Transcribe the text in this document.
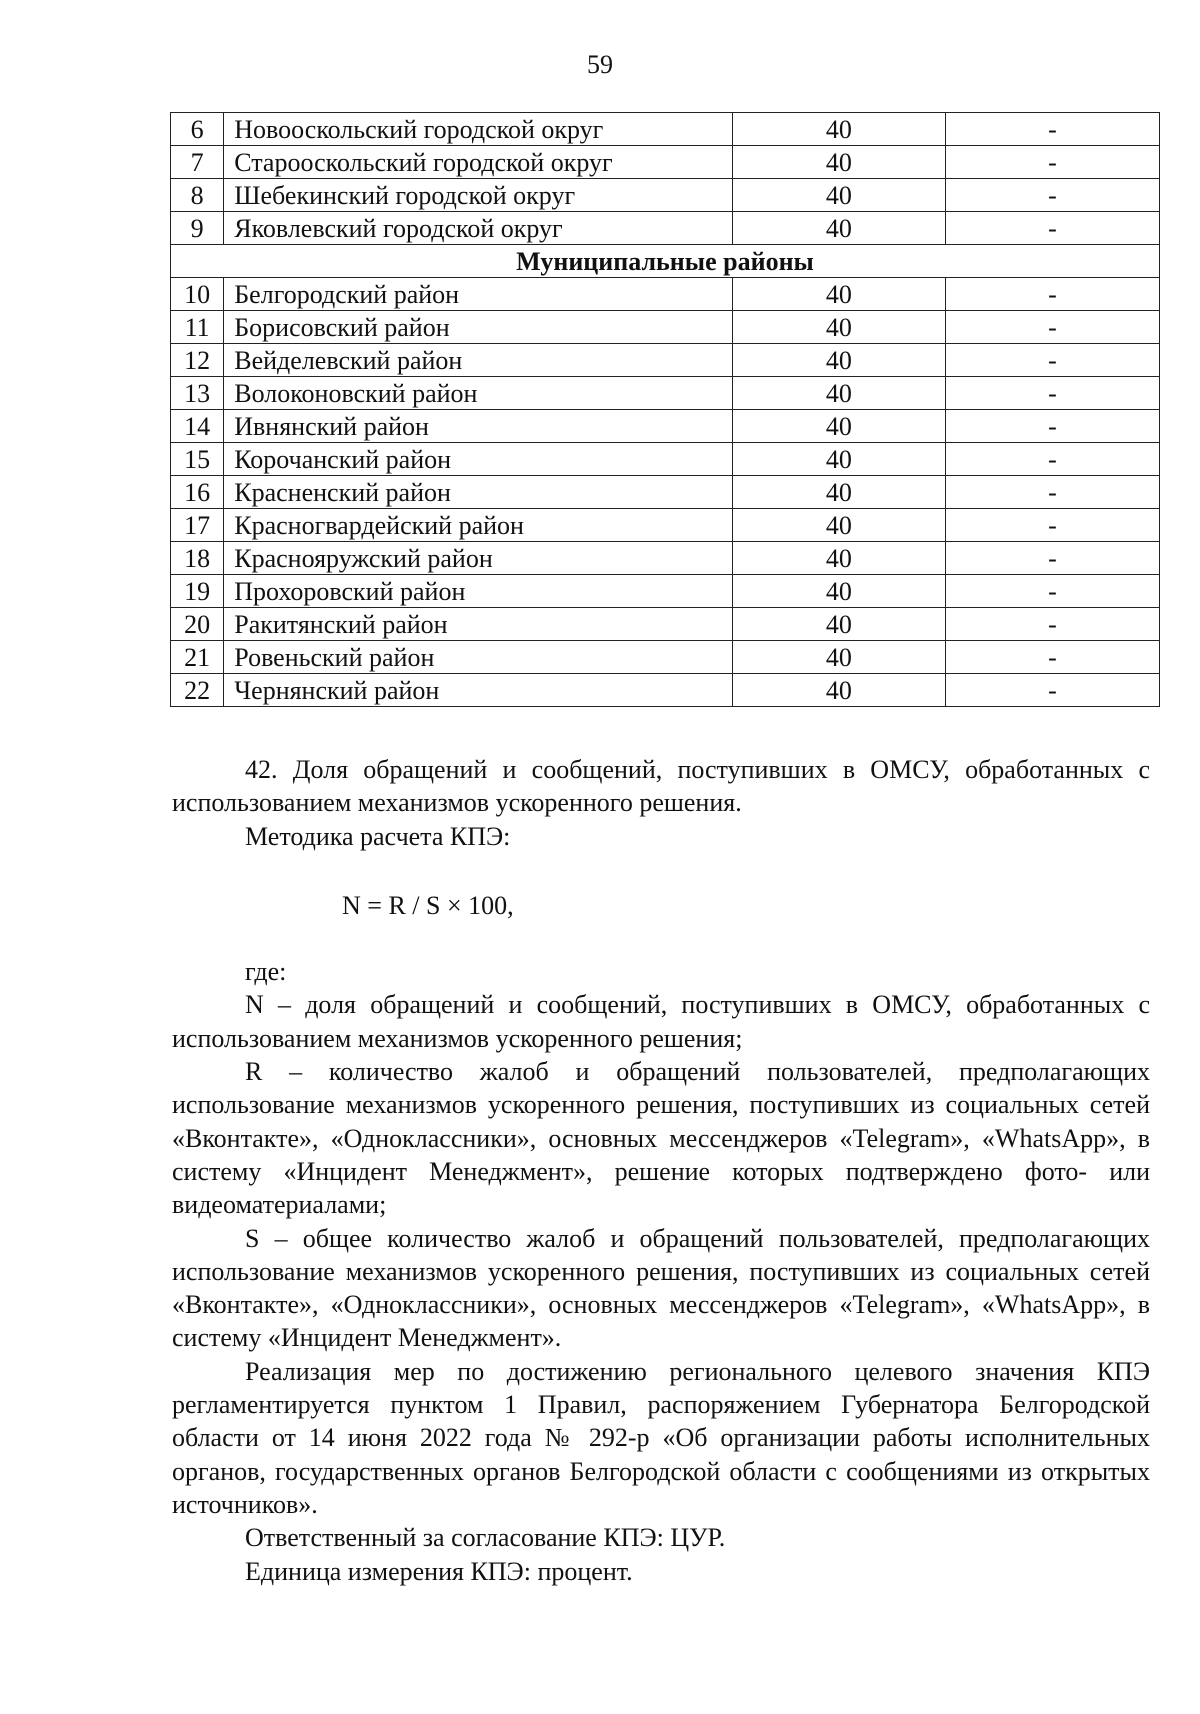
59
6	Новооскольский городской округ	40	-
7	Старооскольский городской округ	40	-
8	Шебекинский городской округ	40	-
9	Яковлевский городской округ	40	-
Муниципальные районы			
10	Белгородский район	40	-
11	Борисовский район	40	-
12	Вейделевский район	40	-
13	Волоконовский район	40	-
14	Ивнянский район	40	-
15	Корочанский район	40	-
16	Красненский район	40	-
17	Красногвардейский район	40	-
18	Краснояружский район	40	-
19	Прохоровский район	40	-
20	Ракитянский район	40	-
21	Ровеньский район	40	-
22	Чернянский район	40	-

42. Доля обращений и сообщений, поступивших в ОМСУ, обработанных с использованием механизмов ускоренного решения.

Методика расчета КПЭ:

N = R / S × 100,

где:

N – доля обращений и сообщений, поступивших в ОМСУ, обработанных с использованием механизмов ускоренного решения;

R – количество жалоб и обращений пользователей, предполагающих использование механизмов ускоренного решения, поступивших из социальных сетей «Вконтакте», «Одноклассники», основных мессенджеров «Telegram», «WhatsApp», в систему «Инцидент Менеджмент», решение которых подтверждено фото- или видеоматериалами;

S – общее количество жалоб и обращений пользователей, предполагающих использование механизмов ускоренного решения, поступивших из социальных сетей «Вконтакте», «Одноклассники», основных мессенджеров «Telegram», «WhatsApp», в систему «Инцидент Менеджмент».

Реализация мер по достижению регионального целевого значения КПЭ регламентируется пунктом 1 Правил, распоряжением Губернатора Белгородской области от 14 июня 2022 года № 292-р «Об организации работы исполнительных органов, государственных органов Белгородской области с сообщениями из открытых источников».

Ответственный за согласование КПЭ: ЦУР.

Единица измерения КПЭ: процент.
